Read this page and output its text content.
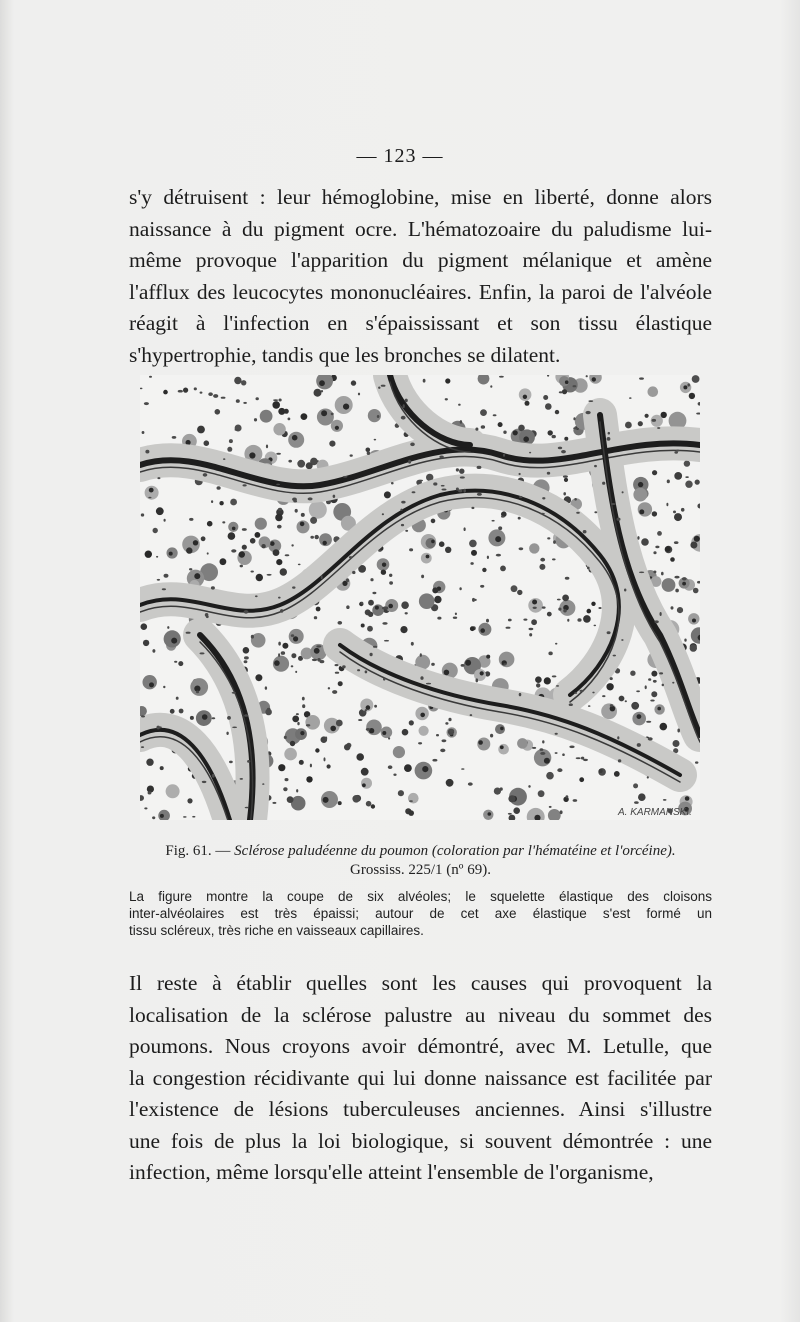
— 123 —

s'y détruisent : leur hémoglobine, mise en liberté, donne alors
naissance à du pigment ocre. L'hématozoaire du paludisme lui-
même provoque l'apparition du pigment mélanique et amène
l'afflux des leucocytes mononucléaires. Enfin, la paroi de l'alvéole
réagit à l'infection en s'épaississant et son tissu élastique
s'hypertrophie, tandis que les bronches se dilatent.

A. KARMANSKI.
Fig. 61. — Sclérose paludéenne du poumon (coloration par l'hématéine et l'orcéine).
Grossiss. 225/1 (nº 69).
La figure montre la coupe de six alvéoles; le squelette élastique des cloisons
inter-alvéolaires est très épaissi; autour de cet axe élastique s'est formé un
tissu scléreux, très riche en vaisseaux capillaires.

Il reste à établir quelles sont les causes qui provoquent la
localisation de la sclérose palustre au niveau du sommet des
poumons. Nous croyons avoir démontré, avec M. Letulle, que
la congestion récidivante qui lui donne naissance est facilitée par
l'existence de lésions tuberculeuses anciennes. Ainsi s'illustre
une fois de plus la loi biologique, si souvent démontrée : une
infection, même lorsqu'elle atteint l'ensemble de l'organisme,
